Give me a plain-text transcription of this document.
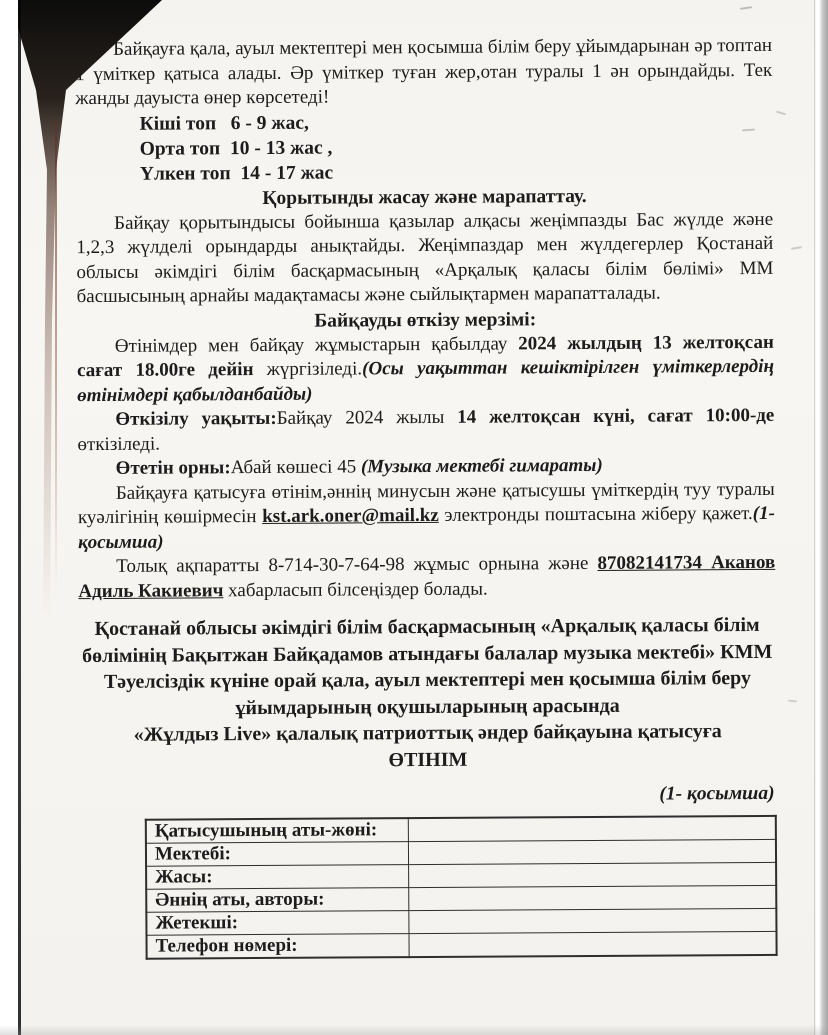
Байқауға қала, ауыл мектептері мен қосымша білім беру ұйымдарынан әр топтан 1 үміткер қатыса алады. Әр үміткер туған жер,отан туралы 1 ән орындайды. Тек жанды дауыста өнер көрсетеді!

Кіші топ   6 - 9 жас,
Орта топ  10 - 13 жас ,
Үлкен топ  14 - 17 жас
Қорытынды жасау және марапаттау.

Байқау қорытындысы бойынша қазылар алқасы жеңімпазды Бас жүлде және 1,2,3 жүлделі орындарды анықтайды. Жеңімпаздар мен жүлдегерлер Қостанай облысы әкімдігі білім басқармасының «Арқалық қаласы білім бөлімі» ММ басшысының арнайы мадақтамасы және сыйлықтармен марапатталады.

Байқауды өткізу мерзімі:

Өтінімдер мен байқау жұмыстарын қабылдау 2024 жылдың 13 желтоқсан сағат 18.00ге дейін жүргізіледі.(Осы уақыттан кешіктірілген үміткерлердің өтінімдері қабылданбайды)

Өткізілу уақыты:Байқау 2024 жылы 14 желтоқсан күні, сағат 10:00-де өткізіледі.

Өтетін орны:Абай көшесі 45 (Музыка мектебі гимараты)

Байқауға қатысуға өтінім,әннің минусын және қатысушы үміткердің туу туралы куәлігінің көшірмесін kst.ark.oner@mail.kz электронды поштасына жіберу қажет.(1- қосымша)

Толық ақпаратты 8-714-30-7-64-98 жұмыс орнына және 87082141734 Аканов Адиль Какиевич хабарласып білсеңіздер болады.

Қостанай облысы әкімдігі білім басқармасының «Арқалық қаласы білім
бөлімінің Бақытжан Байқадамов атындағы балалар музыка мектебі» КММ
Тәуелсіздік күніне орай қала, ауыл мектептері мен қосымша білім беру
ұйымдарының оқушыларының арасында
«Жұлдыз Live» қалалық патриоттық әндер байқауына қатысуға
ӨТІНІМ
(1- қосымша)
Қатысушының аты-жөні:	
Мектебі:	
Жасы:	
Әннің аты, авторы:	
Жетекші:	
Телефон нөмері:	
